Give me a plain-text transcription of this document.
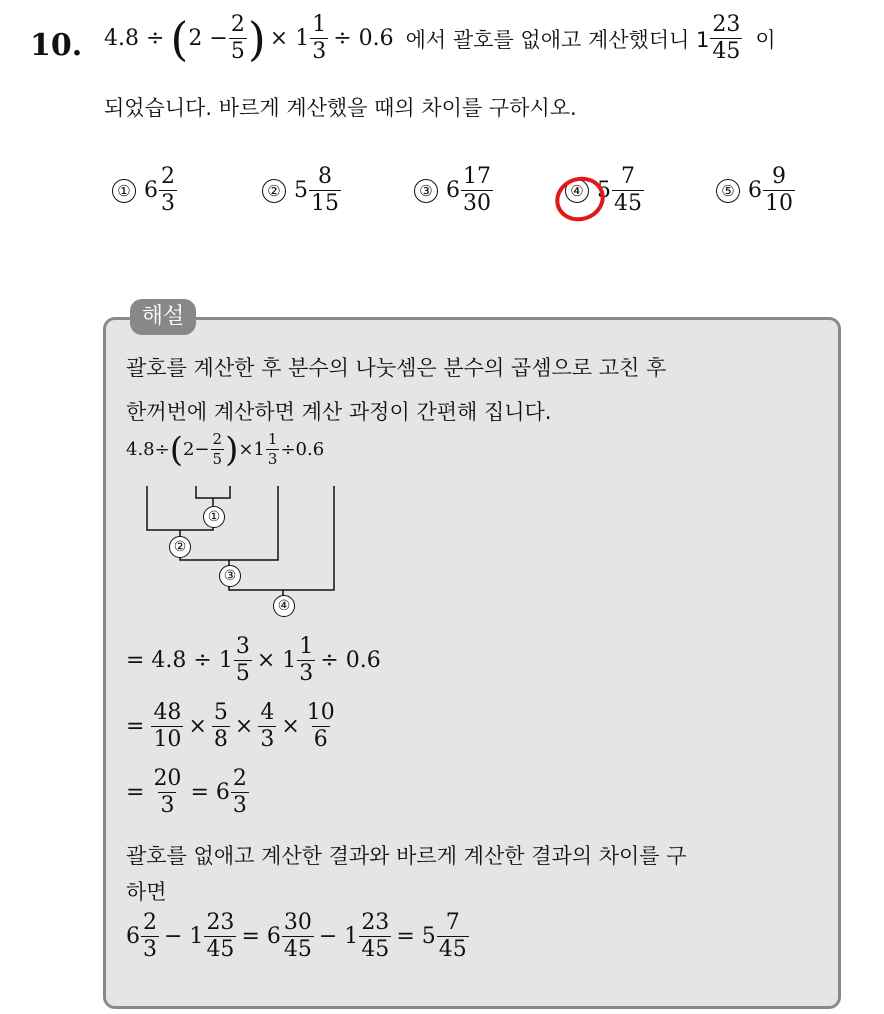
10. 4.8 ÷ ( $2 - \frac{2}{5}$ ) × $1 \frac{1}{3} \div 0.6$ 에서 괄호를 없애고 계산했더니 1
23
45 이
되었습니다. 바르게 계산했을 때의 차이를 구하시오.
① 6
2
3
② 5
8
15
③ 6
17
30
④ 5
7
45
⑤ 6
9
10
해설
괄호를 계산한 후 분수의 나눗셈은 분수의 곱셈으로 고친 후
한꺼번에 계산하면 계산 과정이 간편해 집니다.
4.8÷ ( $2- \frac{2}{5}$ ) $\times 1 \frac{1}{3} \div 0.6$
①
②
③
④
= $4.8 \div 1 \frac{3}{5} \times 1 \frac{1}{3} \div 0.6$
= $\frac{48}{10} \times \frac{5}{8} \times \frac{4}{3} \times \frac{10}{6}$
= $\frac{20}{3} = 6$
2
3
괄호를 없애고 계산한 결과와 바르게 계산한 결과의 차이를 구
하면
6
2
3
− $1 \frac{23}{45} = 6$
30
45
− $1 \frac{23}{45} = 5$
7
45
